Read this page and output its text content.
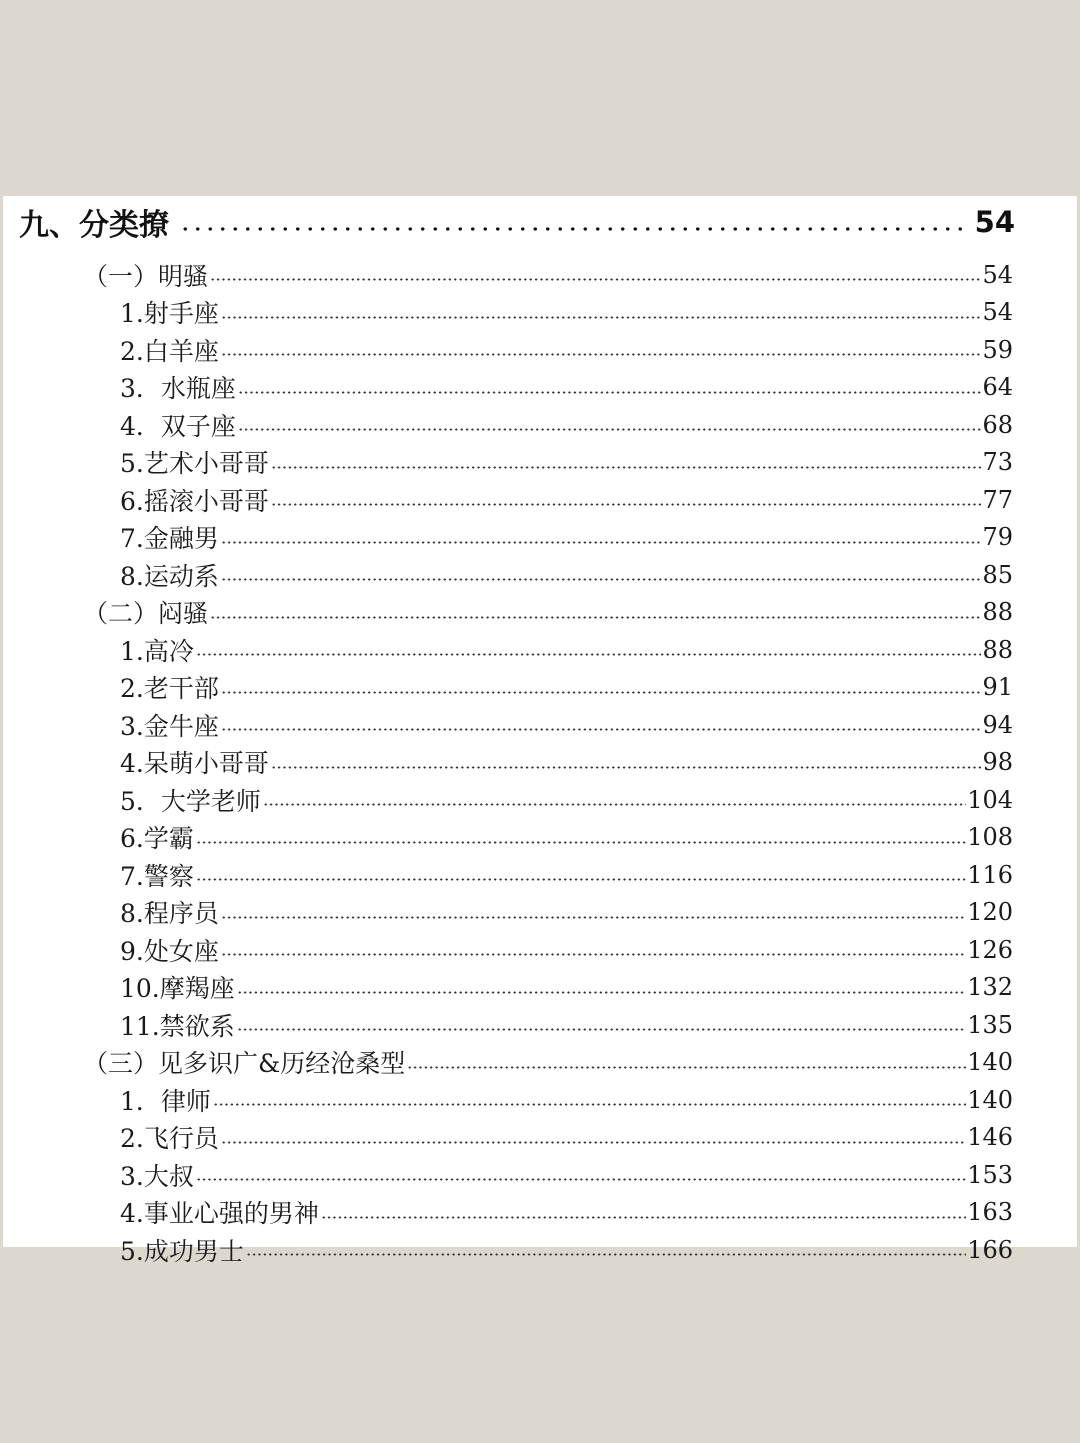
九、分类撩	54
（一）明骚	54
1.射手座	54
2.白羊座	59
3．水瓶座	64
4．双子座	68
5.艺术小哥哥	73
6.摇滚小哥哥	77
7.金融男	79
8.运动系	85
（二）闷骚	88
1.高冷	88
2.老干部	91
3.金牛座	94
4.呆萌小哥哥	98
5．大学老师	104
6.学霸	108
7.警察	116
8.程序员	120
9.处女座	126
10.摩羯座	132
11.禁欲系	135
（三）见多识广&历经沧桑型	140
1．律师	140
2.飞行员	146
3.大叔	153
4.事业心强的男神	163
5.成功男士	166
